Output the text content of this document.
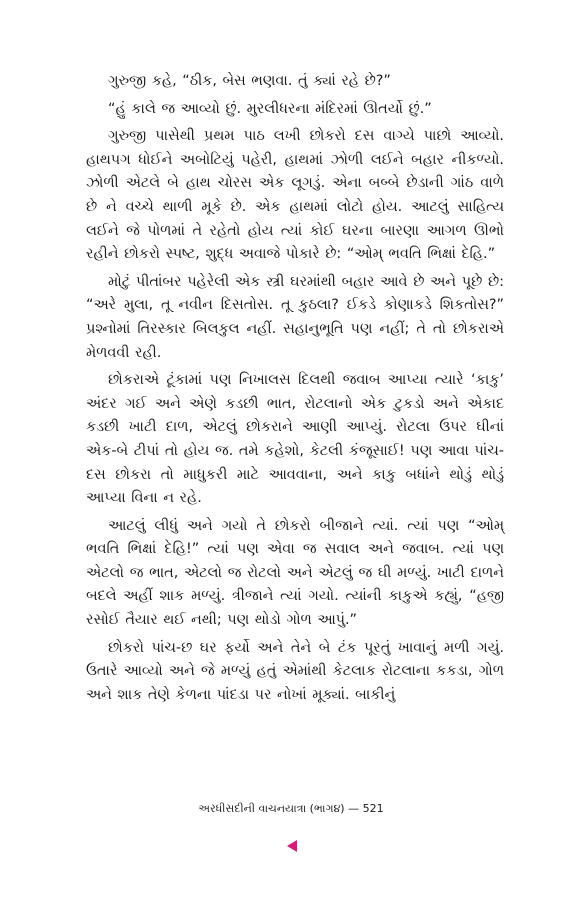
ગુરુજી કહે, “ઠીક, બેસ ભણવા. તું ક્યાં રહે છે?”

“હું કાલે જ આવ્યો છું. મુરલીધરના મંદિરમાં ઊતર્યો છું.”

ગુરુજી પાસેથી પ્રથમ પાઠ લખી છોકરો દસ વાગ્યે પાછો આવ્યો. હાથપગ ધોઈને અબોટિયું પહેરી, હાથમાં ઝોળી લઈને બહાર નીકળ્યો. ઝોળી એટલે બે હાથ ચોરસ એક લૂગડું. એના બબ્બે છેડાની ગાંઠ વાળે છે ને વચ્ચે થાળી મૂકે છે. એક હાથમાં લોટો હોય. આટલું સાહિત્ય લઈને જે પોળમાં તે રહેતો હોય ત્યાં કોઈ ઘરના બારણા આગળ ઊભો રહીને છોકરો સ્પષ્ટ, શુદ્ધ અવાજે પોકારે છે: “ઓમ્ ભવતિ ભિક્ષાં દેહિ.”

મોટું પીતાંબર પહેરેલી એક સ્ત્રી ઘરમાંથી બહાર આવે છે અને પૂછે છે: “અરે મુલા, તૂ નવીન દિસતોસ. તૂ કુઠલા? ઈકડે કોણાકડે શિકતોસ?” પ્રશ્નોમાં તિરસ્કાર બિલકુલ નહીં. સહાનુભૂતિ પણ નહીં; તે તો છોકરાએ મેળવવી રહી.

છોકરાએ ટૂંકામાં પણ નિખાલસ દિલથી જવાબ આપ્યા ત્યારે ‘કાકુ’ અંદર ગઈ અને એણે કડછી ભાત, રોટલાનો એક ટુકડો અને એકાદ કડછી ખાટી દાળ, એટલું છોકરાને આણી આપ્યું. રોટલા ઉપર ઘીનાં એક-બે ટીપાં તો હોય જ. તમે કહેશો, કેટલી કંજૂસાઈ! પણ આવા પાંચ-દસ છોકરા તો માધુકરી માટે આવવાના, અને કાકુ બધાંને થોડું થોડું આપ્યા વિના ન રહે.

આટલું લીધું અને ગયો તે છોકરો બીજાને ત્યાં. ત્યાં પણ “ઓમ્ ભવતિ ભિક્ષાં દેહિ!” ત્યાં પણ એવા જ સવાલ અને જવાબ. ત્યાં પણ એટલો જ ભાત, એટલો જ રોટલો અને એટલું જ ઘી મળ્યું. ખાટી દાળને બદલે અહીં શાક મળ્યું. ત્રીજાને ત્યાં ગયો. ત્યાંની કાકુએ કહ્યું, “હજી રસોઈ તૈયાર થઈ નથી; પણ થોડો ગોળ આપું.”

છોકરો પાંચ-છ ઘર ફર્યો અને તેને બે ટંક પૂરતું ખાવાનું મળી ગયું. ઉતારે આવ્યો અને જે મળ્યું હતું એમાંથી કેટલાક રોટલાના કકડા, ગોળ અને શાક તેણે કેળના પાંદડા પર નોખાં મૂક્યાં. બાકીનું

અરધીસદીની વાચનયાત્રા (ભાગ૪) — 521
